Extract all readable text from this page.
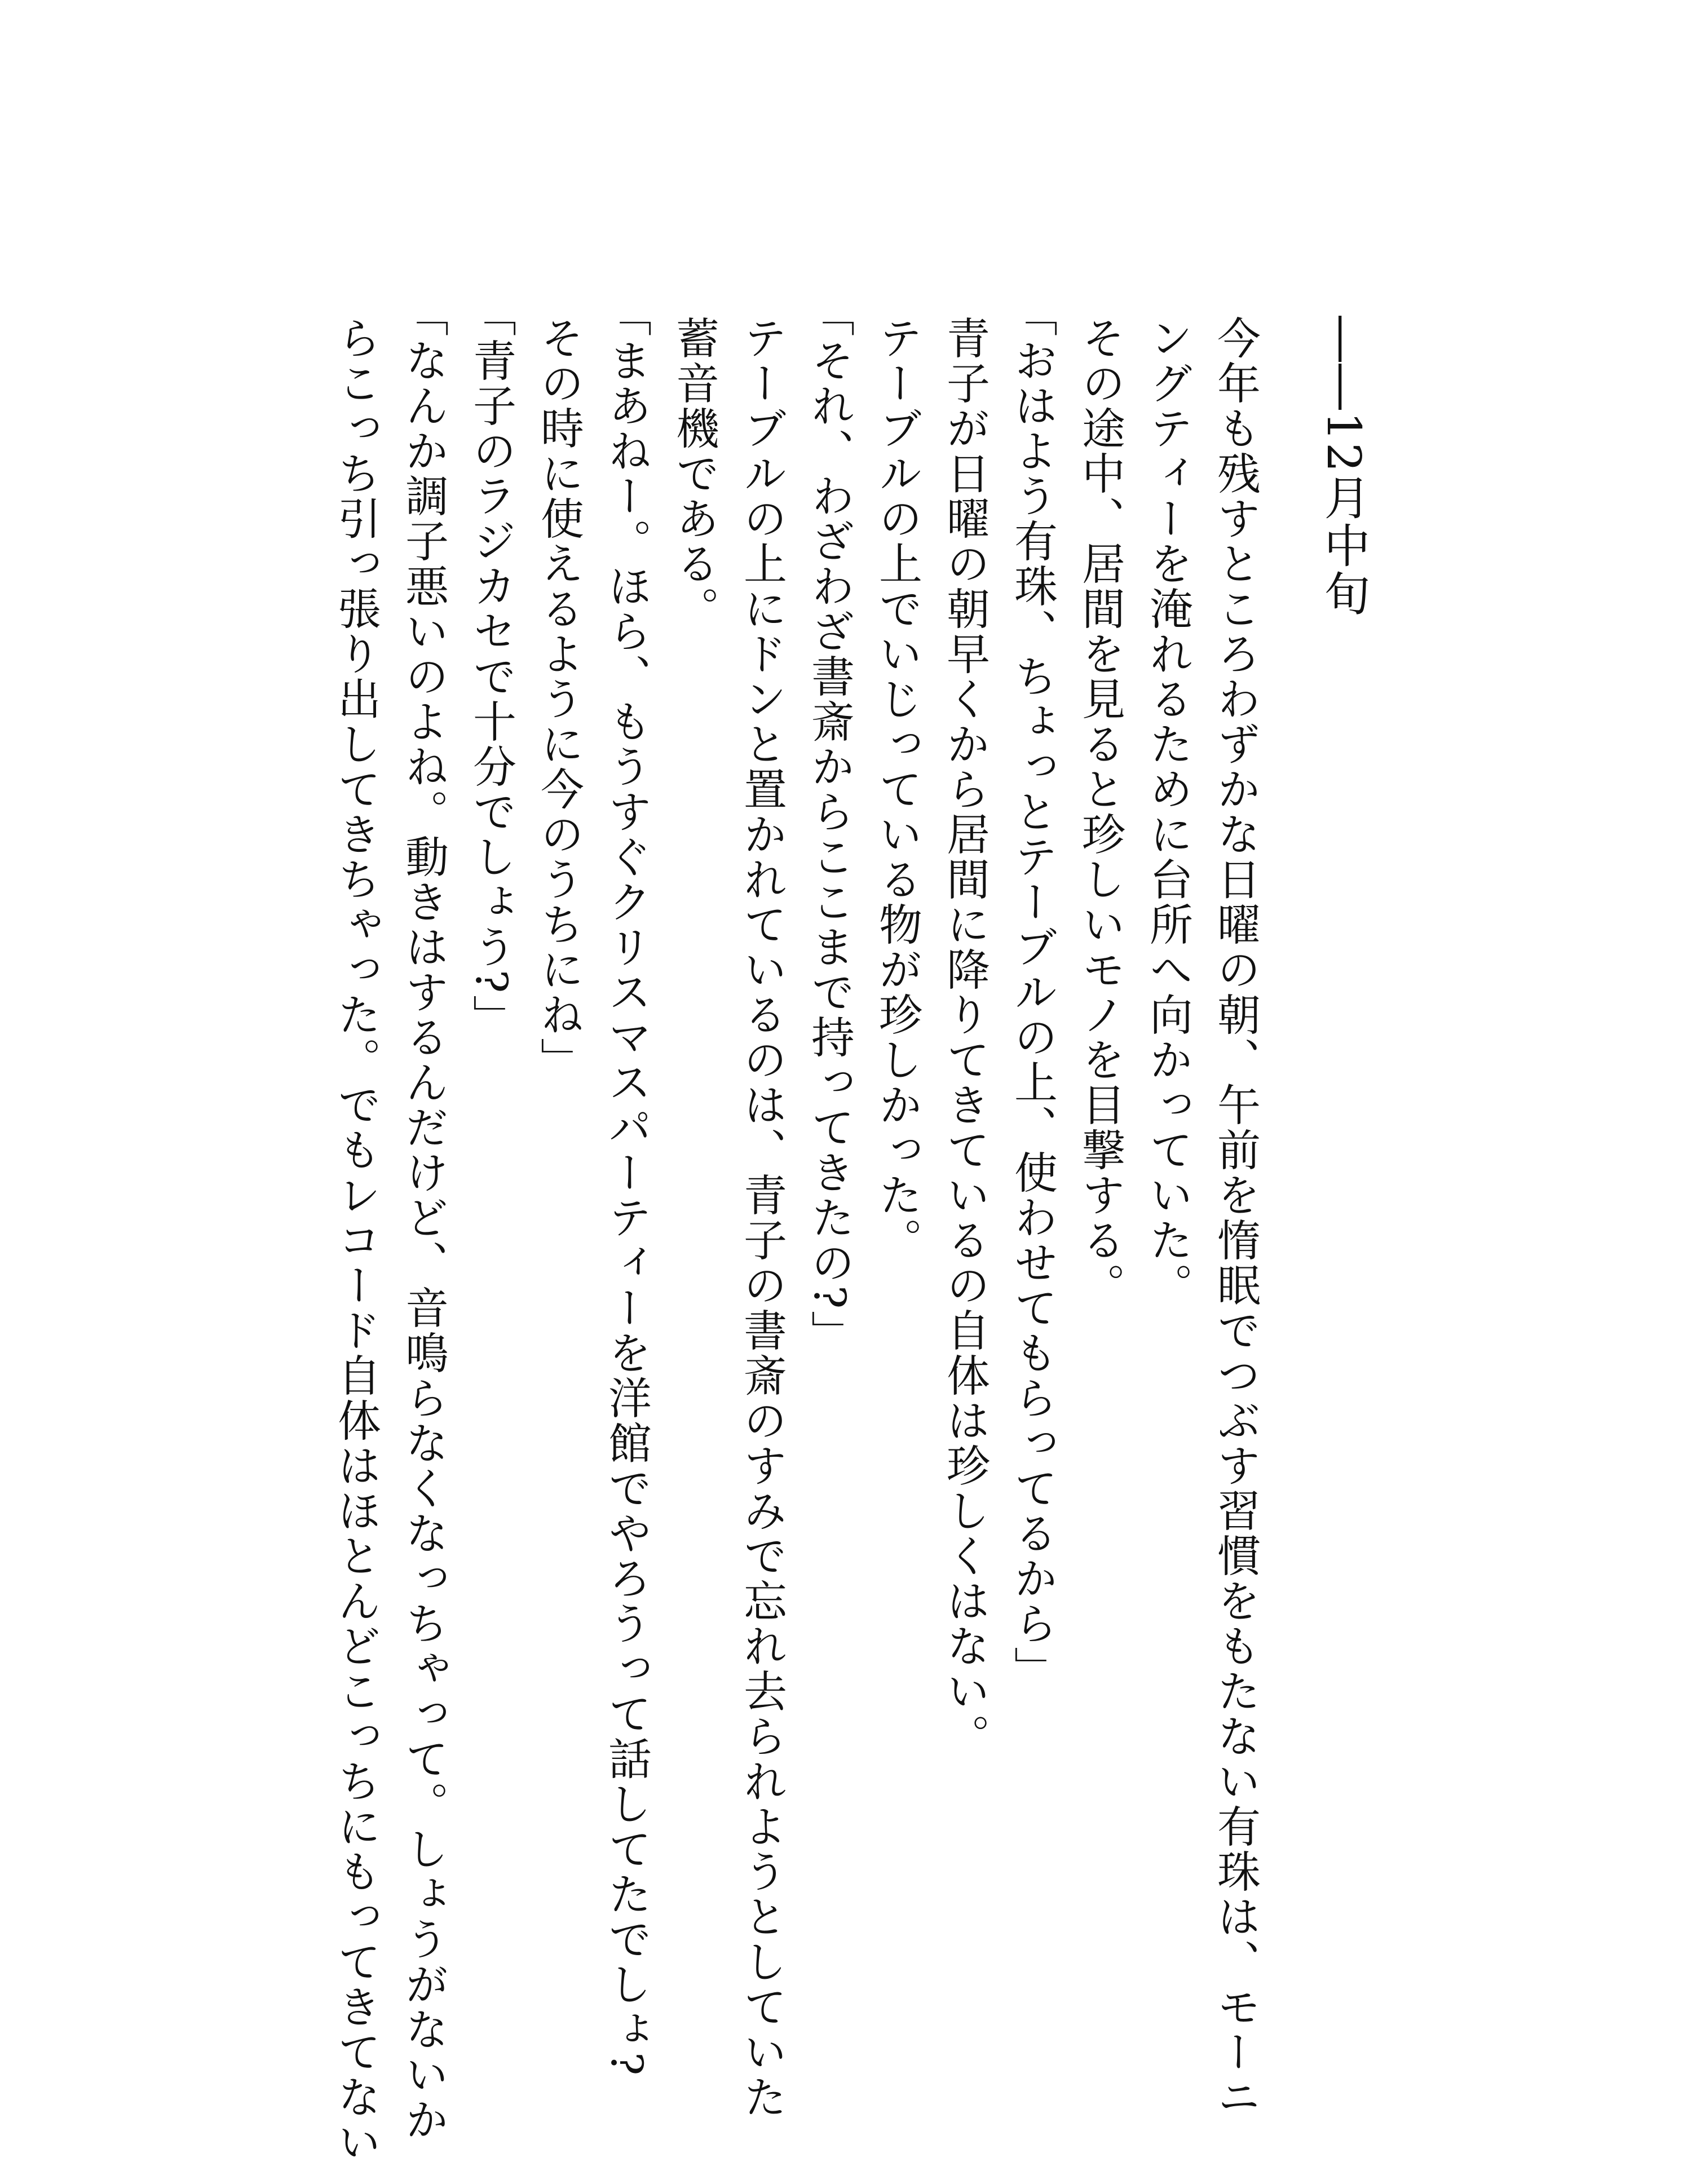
――12月中旬
今年も残すところわずかな日曜の朝、午前を惰眠でつぶす習慣をもたない有珠は、モーニ
ングティーを淹れるために台所へ向かっていた。
その途中、居間を見ると珍しいモノを目撃する。
「おはよう有珠、ちょっとテーブルの上、使わせてもらってるから」
青子が日曜の朝早くから居間に降りてきているの自体は珍しくはない。
テーブルの上でいじっている物が珍しかった。
「それ、わざわざ書斎からここまで持ってきたの?」
テーブルの上にドンと置かれているのは、青子の書斎のすみで忘れ去られようとしていた
蓄音機である。
「まあねー。ほら、もうすぐクリスマスパーティーを洋館でやろうって話してたでしょ?
その時に使えるように今のうちにね」
「青子のラジカセで十分でしょう?」
「なんか調子悪いのよね。動きはするんだけど、音鳴らなくなっちゃって。しょうがないか
らこっち引っ張り出してきちゃった。でもレコード自体はほとんどこっちにもってきてない
